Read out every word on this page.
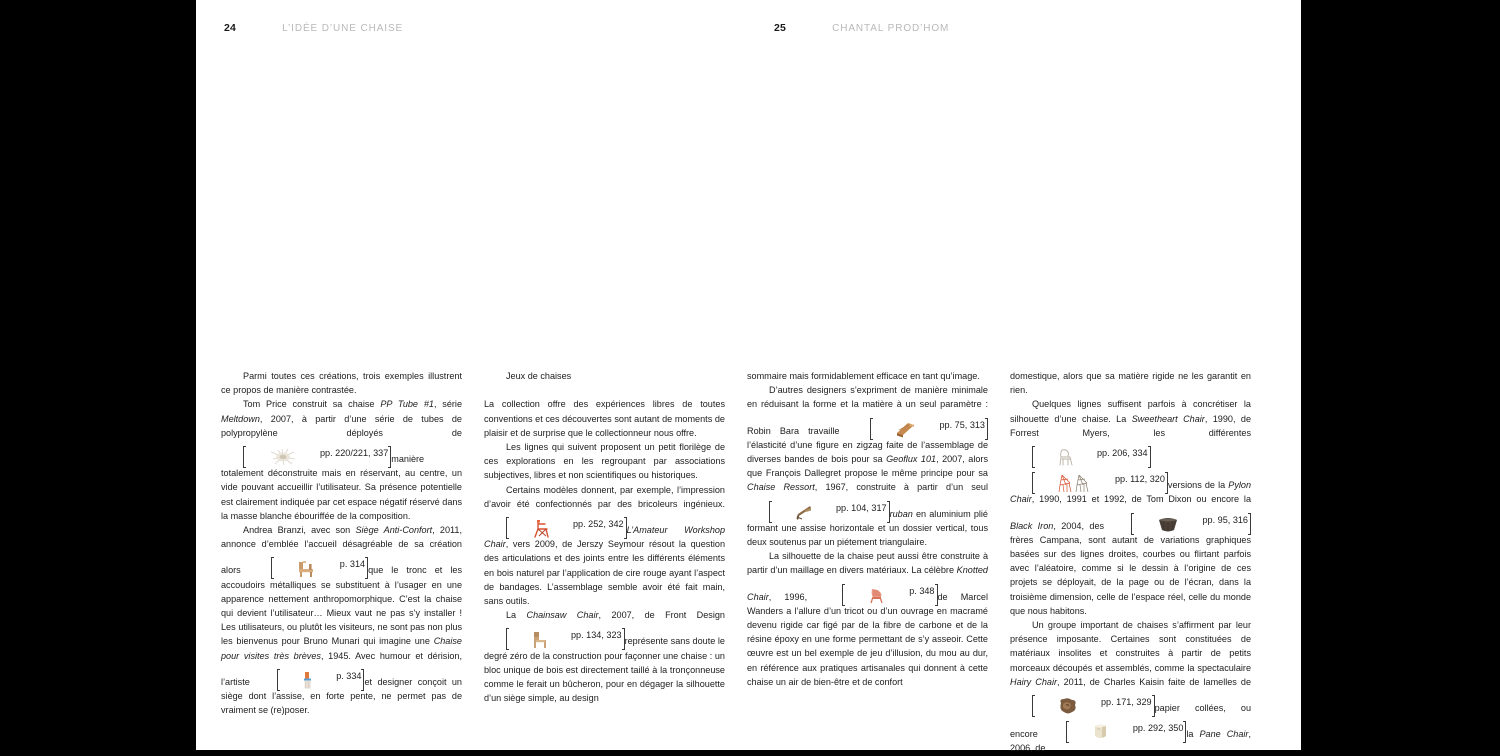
24	L’IDÉE D’UNE CHAISE	25	CHANTAL PROD’HOM

Parmi toutes ces créations, trois exemples illustrent ce propos de manière contrastée.

Tom Price construit sa chaise PP Tube #1, série Meltdown, 2007, à partir d’une série de tubes de polypropylène déployés de
pp. 220/221, 337manière totalement déconstruite mais en réservant, au centre, un vide pouvant accueillir l’utilisateur. Sa présence potentielle est clairement indiquée par cet espace négatif réservé dans la masse blanche ébouriffée de la composition.

Andrea Branzi, avec son Siège Anti-Confort, 2011, annonce d’emblée l’accueil désagréable de sa création alors
p. 314que le tronc et les accoudoirs métalliques se substituent à l’usager en une apparence nettement anthropomorphique. C’est la chaise qui devient l’utilisateur… Mieux vaut ne pas s’y installer ! Les utilisateurs, ou plutôt les visiteurs, ne sont pas non plus les bienvenus pour Bruno Munari qui imagine une Chaise pour visites très brèves, 1945. Avec humour et dérision, l’artiste
p. 334et designer conçoit un siège dont l’assise, en forte pente, ne permet pas de vraiment se (re)poser.

Jeux de chaises

La collection offre des expériences libres de toutes conventions et ces découvertes sont autant de moments de plaisir et de surprise que le collectionneur nous offre.

Les lignes qui suivent proposent un petit florilège de ces explorations en les regroupant par associations subjectives, libres et non scientifiques ou historiques.

Certains modèles donnent, par exemple, l’impression d’avoir été confectionnés par des bricoleurs ingénieux.
pp. 252, 342L’Amateur Workshop Chair, vers 2009, de Jerszy Seymour résout la question des articulations et des joints entre les différents éléments en bois naturel par l’application de cire rouge ayant l’aspect de bandages. L’assemblage semble avoir été fait main, sans outils.

La Chainsaw Chair, 2007, de Front Design
pp. 134, 323représente sans doute le degré zéro de la construction pour façonner une chaise : un bloc unique de bois est directement taillé à la tronçonneuse comme le ferait un bûcheron, pour en dégager la silhouette d’un siège simple, au design

sommaire mais formidablement efficace en tant qu’image.

D’autres designers s’expriment de manière minimale en réduisant la forme et la matière à un seul paramètre : Robin Bara travaille
pp. 75, 313l’élasticité d’une figure en zigzag faite de l’assemblage de diverses bandes de bois pour sa Geoflux 101, 2007, alors que François Dallegret propose le même principe pour sa Chaise Ressort, 1967, construite à partir d’un seul
pp. 104, 317ruban en aluminium plié formant une assise horizontale et un dossier vertical, tous deux soutenus par un piétement triangulaire.

La silhouette de la chaise peut aussi être construite à partir d’un maillage en divers matériaux. La célèbre Knotted Chair, 1996,
p. 348de Marcel Wanders a l’allure d’un tricot ou d’un ouvrage en macramé devenu rigide car figé par de la fibre de carbone et de la résine époxy en une forme permettant de s’y asseoir. Cette œuvre est un bel exemple de jeu d’illusion, du mou au dur, en référence aux pratiques artisanales qui donnent à cette chaise un air de bien-être et de confort

domestique, alors que sa matière rigide ne les garantit en rien.

Quelques lignes suffisent parfois à concrétiser la silhouette d’une chaise. La Sweetheart Chair, 1990, de Forrest Myers, les différentes
pp. 206, 334
pp. 112, 320versions de la Pylon Chair, 1990, 1991 et 1992, de Tom Dixon ou encore la Black Iron, 2004, des
pp. 95, 316frères Campana, sont autant de variations graphiques basées sur des lignes droites, courbes ou flirtant parfois avec l’aléatoire, comme si le dessin à l’origine de ces projets se déployait, de la page ou de l’écran, dans la troisième dimension, celle de l’espace réel, celle du monde que nous habitons.

Un groupe important de chaises s’affirment par leur présence imposante. Certaines sont constituées de matériaux insolites et construites à partir de petits morceaux découpés et assemblés, comme la spectaculaire Hairy Chair, 2011, de Charles Kaisin faite de lamelles de
pp. 171, 329papier collées, ou encore
pp. 292, 350la Pane Chair, 2006, de
